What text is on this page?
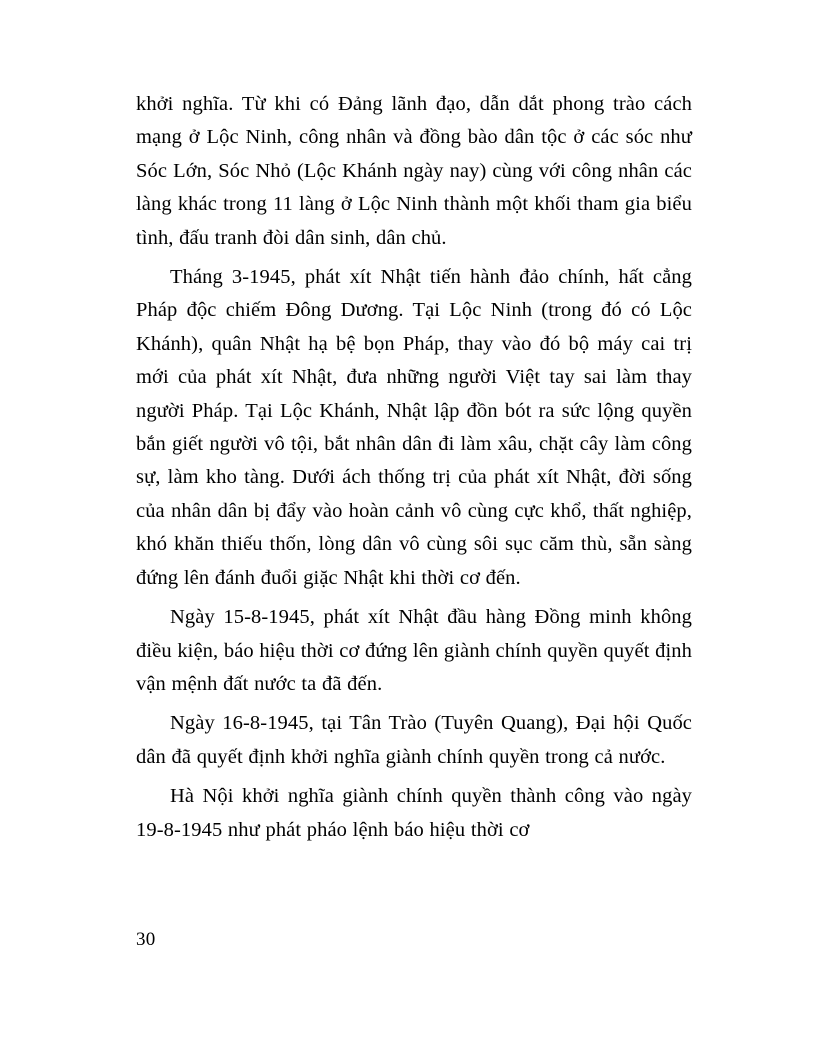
khởi nghĩa. Từ khi có Đảng lãnh đạo, dẫn dắt phong trào cách mạng ở Lộc Ninh, công nhân và đồng bào dân tộc ở các sóc như Sóc Lớn, Sóc Nhỏ (Lộc Khánh ngày nay) cùng với công nhân các làng khác trong 11 làng ở Lộc Ninh thành một khối tham gia biểu tình, đấu tranh đòi dân sinh, dân chủ.

Tháng 3-1945, phát xít Nhật tiến hành đảo chính, hất cẳng Pháp độc chiếm Đông Dương. Tại Lộc Ninh (trong đó có Lộc Khánh), quân Nhật hạ bệ bọn Pháp, thay vào đó bộ máy cai trị mới của phát xít Nhật, đưa những người Việt tay sai làm thay người Pháp. Tại Lộc Khánh, Nhật lập đồn bót ra sức lộng quyền bắn giết người vô tội, bắt nhân dân đi làm xâu, chặt cây làm công sự, làm kho tàng. Dưới ách thống trị của phát xít Nhật, đời sống của nhân dân bị đẩy vào hoàn cảnh vô cùng cực khổ, thất nghiệp, khó khăn thiếu thốn, lòng dân vô cùng sôi sục căm thù, sẵn sàng đứng lên đánh đuổi giặc Nhật khi thời cơ đến.

Ngày 15-8-1945, phát xít Nhật đầu hàng Đồng minh không điều kiện, báo hiệu thời cơ đứng lên giành chính quyền quyết định vận mệnh đất nước ta đã đến.

Ngày 16-8-1945, tại Tân Trào (Tuyên Quang), Đại hội Quốc dân đã quyết định khởi nghĩa giành chính quyền trong cả nước.

Hà Nội khởi nghĩa giành chính quyền thành công vào ngày 19-8-1945 như phát pháo lệnh báo hiệu thời cơ

30
